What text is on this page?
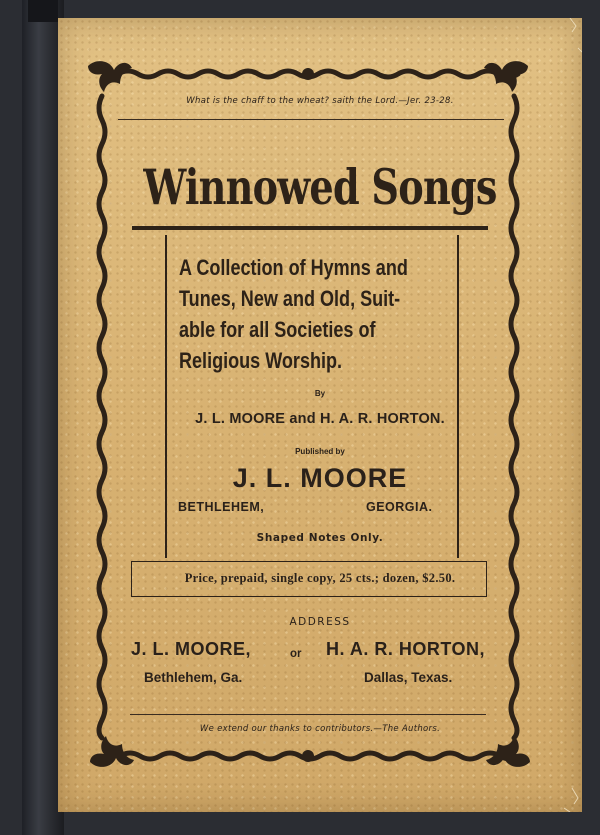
What is the chaff to the wheat? saith the Lord.—Jer. 23-28.
Winnowed Songs
A Collection of Hymns and
Tunes, New and Old, Suit-
able for all Societies of
Religious Worship.
By
J. L. MOORE and H. A. R. HORTON.
Published by
J. L. MOORE
BETHLEHEM,	GEORGIA.
Shaped Notes Only.
Price, prepaid, single copy, 25 cts.; dozen, $2.50.
ADDRESS
J. L. MOORE,	or H. A. R. HORTON,
Bethlehem, Ga.	Dallas, Texas.
We extend our thanks to contributors.—The Authors.
